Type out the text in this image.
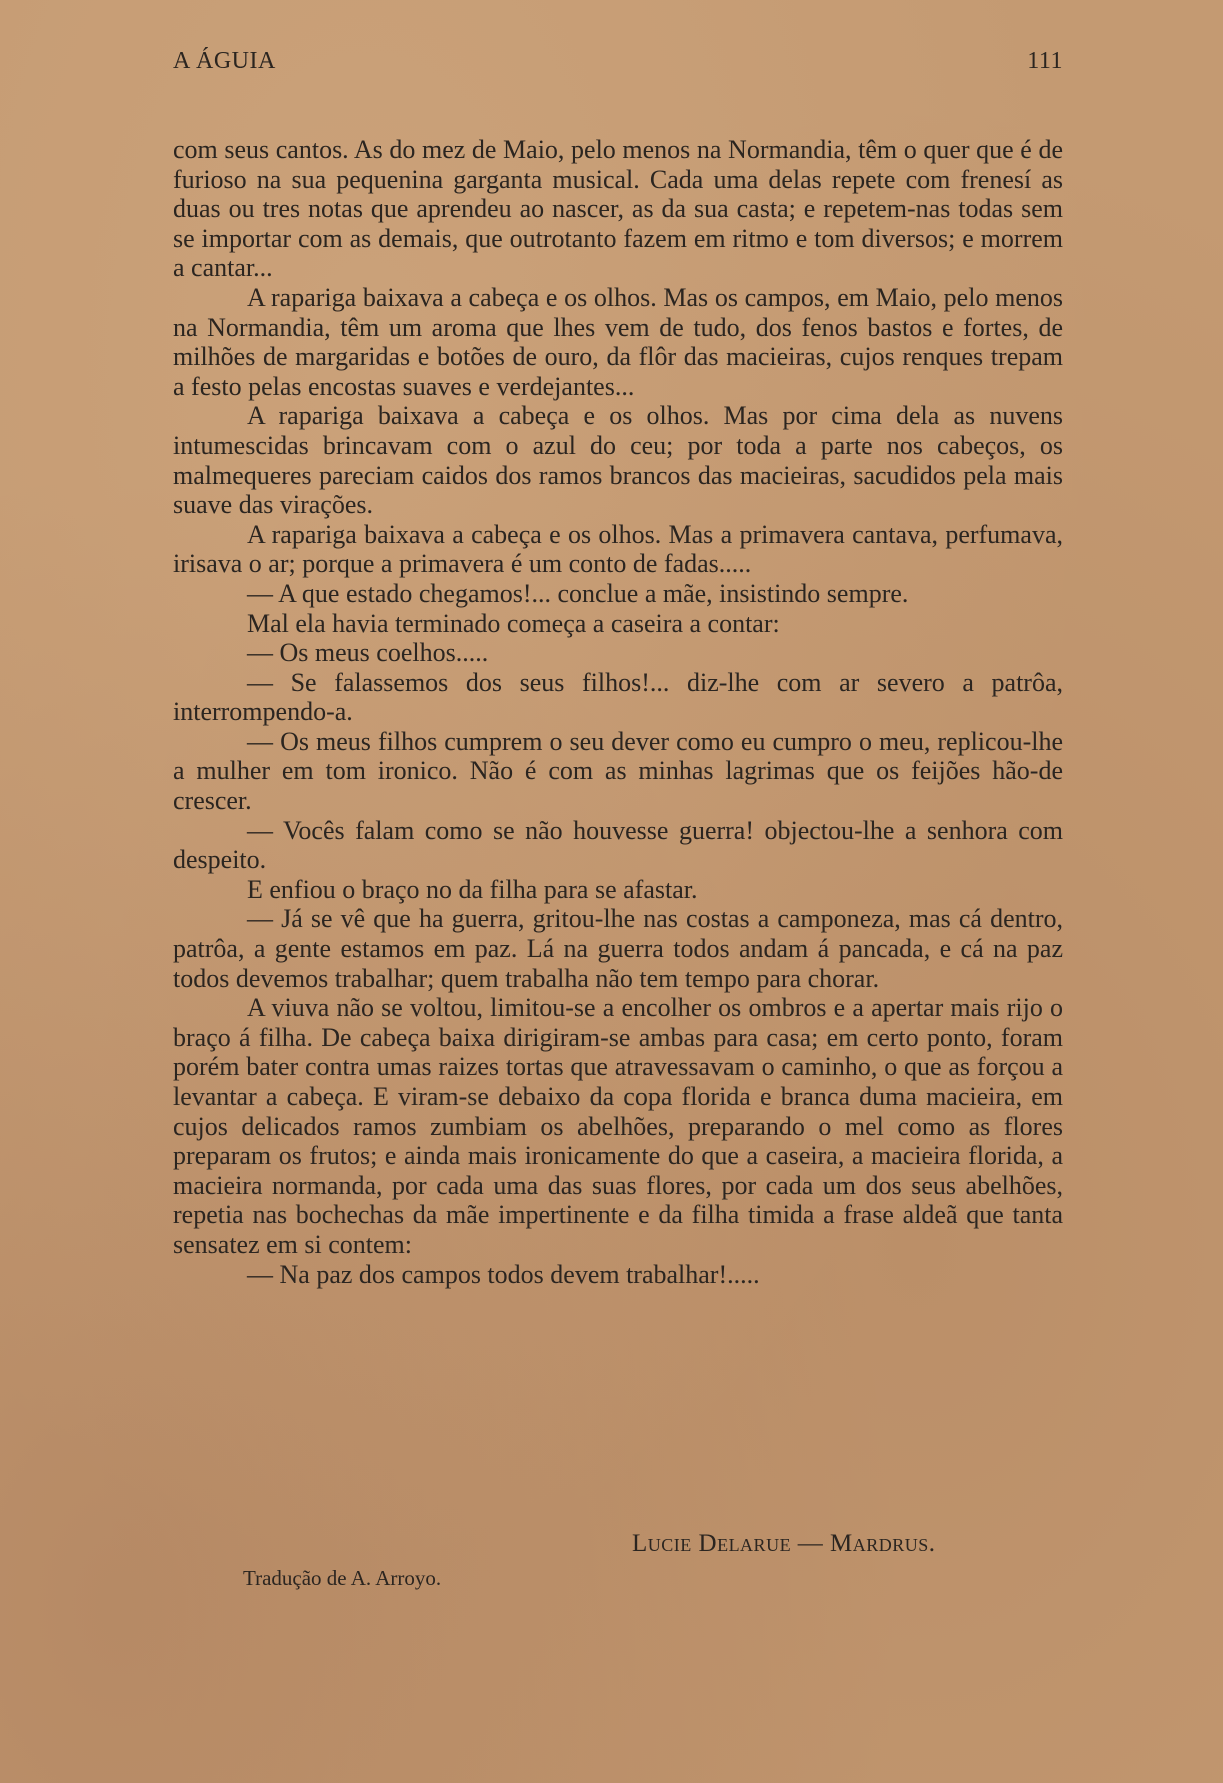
A ÁGUIA	111

com seus cantos. As do mez de Maio, pelo menos na Normandia, têm o quer que é de furioso na sua pequenina garganta musical. Cada uma delas repete com frenesí as duas ou tres notas que aprendeu ao nascer, as da sua casta; e repetem-nas todas sem se importar com as demais, que outrotanto fazem em ritmo e tom diversos; e morrem a cantar...

A rapariga baixava a cabeça e os olhos. Mas os campos, em Maio, pelo menos na Normandia, têm um aroma que lhes vem de tudo, dos fenos bastos e fortes, de milhões de margaridas e botões de ouro, da flôr das macieiras, cujos renques trepam a festo pelas encostas suaves e verdejantes...

A rapariga baixava a cabeça e os olhos. Mas por cima dela as nuvens intumescidas brincavam com o azul do ceu; por toda a parte nos cabeços, os malmequeres pareciam caidos dos ramos brancos das macieiras, sacudidos pela mais suave das virações.

A rapariga baixava a cabeça e os olhos. Mas a primavera cantava, perfumava, irisava o ar; porque a primavera é um conto de fadas.....

— A que estado chegamos!... conclue a mãe, insistindo sempre.

Mal ela havia terminado começa a caseira a contar:

— Os meus coelhos.....

— Se falassemos dos seus filhos!... diz-lhe com ar severo a patrôa, interrompendo-a.

— Os meus filhos cumprem o seu dever como eu cumpro o meu, replicou-lhe a mulher em tom ironico. Não é com as minhas lagrimas que os feijões hão-de crescer.

— Vocês falam como se não houvesse guerra! objectou-lhe a senhora com despeito.

E enfiou o braço no da filha para se afastar.

— Já se vê que ha guerra, gritou-lhe nas costas a camponeza, mas cá dentro, patrôa, a gente estamos em paz. Lá na guerra todos andam á pancada, e cá na paz todos devemos trabalhar; quem trabalha não tem tempo para chorar.

A viuva não se voltou, limitou-se a encolher os ombros e a apertar mais rijo o braço á filha. De cabeça baixa dirigiram-se ambas para casa; em certo ponto, foram porém bater contra umas raizes tortas que atravessavam o caminho, o que as forçou a levantar a cabeça. E viram-se debaixo da copa florida e branca duma macieira, em cujos delicados ramos zumbiam os abelhões, preparando o mel como as flores preparam os frutos; e ainda mais ironicamente do que a caseira, a macieira florida, a macieira normanda, por cada uma das suas flores, por cada um dos seus abelhões, repetia nas bochechas da mãe impertinente e da filha timida a frase aldeã que tanta sensatez em si contem:

— Na paz dos campos todos devem trabalhar!.....

Lucie Delarue — Mardrus.
Tradução de A. Arroyo.
